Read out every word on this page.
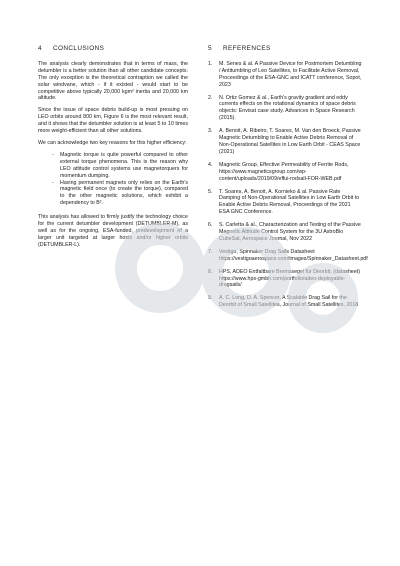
4	CONCLUSIONS

The analysis clearly demonstrates that in terms of mass, the detumbler is a better solution than all other candidate concepts. The only exception is the theoretical contraption we called the solar windvane, which - if it existed - would start to be competitive above typically 20,000 kgm² inertia and 20,000 km altitude.

Since the issue of space debris build-up is most pressing on LEO orbits around 800 km, Figure 6 is the most relevant result, and it shows that the detumbler solution is at least 5 to 10 times more weight-efficient than all other solutions.

We can acknowledge two key reasons for this higher efficiency:

-	Magnetic torque is quite powerful compared to other external torque phenomena. This is the reason why LEO attitude control systems use magnetorquers for momentum dumping.
-	Having permanent magnets only relies on the Earth's magnetic field once (to create the torque), compared to the other magnetic solutions, which exhibit a dependency to B².

This analysis has allowed to firmly justify the technology choice for the current detumbler development (DETUMBLER-M), as well as for the ongoing, ESA-funded, predevelopment of a larger unit targeted at larger hosts and/or higher orbits (DETUMBLER-L).

5	REFERENCES
1.	M. Senes & al. A Passive Device for Postmortem Detumbling / Antitumbling of Leo Satellites, to Facilitate Active Removal, Proceedings of the ESA-GNC and ICATT conference, Sopot, 2023
2.	N. Ortiz Gomez & al., Earth's gravity gradient and eddy currents effects on the rotational dynamics of space debris objects: Envisat case study. Advances in Space Research (2015).
3.	A. Benoit, A. Ribeiro, T. Soares, M. Van den Broeck, Passive Magnetic Detumbling to Enable Active Debris Removal of Non-Operational Satellites in Low Earth Orbit - CEAS Space (2021)
4.	Magnetic Group, Effective Permeability of Ferrite Rods, https://www.magneticsgroup.com/wp-content/uploads/2019/09/effui-rodsall-FOR-WEB.pdf
5.	T. Soares, A. Benoit, A. Kornieko & al. Passive Rate Damping of Non-Operational Satellites in Low Earth Orbit to Enable Active Debris Removal, Proceedings of the 2021 ESA GNC Conference.
6.	S. Carletta & al., Characterization and Testing of the Passive Magnetic Attitude Control System for the 3U AstroBio CubeSat, Aerospace Journal, Nov 2022
7.	Vestigo, Spinnaker Drag Sails Datasheet https://vestigoaerospace.com/images/Spinnaker_Datasheet.pdf
8.	HPS, ADEO Entfaltbare Bremssegel für Deorbit, (datasheet) https://www.hps-gmbh.com/portfolio/adeo-deployable-dragsails/
9.	A. C. Long, D. A. Spencer, A Scalable Drag Sail for the Deorbit of Small Satellites, Journal of Small Satellites, 2018
